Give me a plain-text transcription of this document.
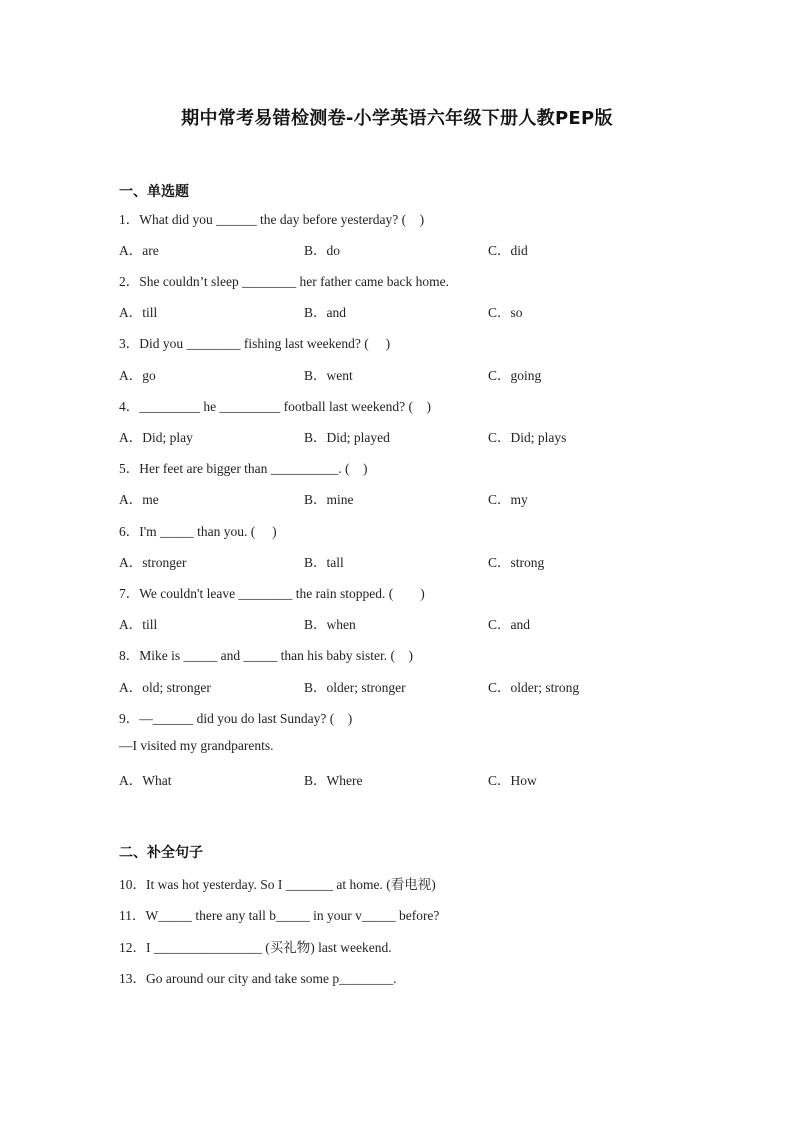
期中常考易错检测卷-小学英语六年级下册人教PEP版
一、单选题
1．What did you ______ the day before yesterday? (　)
A．are	B．do	C．did
2．She couldn’t sleep ________ her father came back home.
A．till	B．and	C．so
3．Did you ________ fishing last weekend? (　 )
A．go	B．went	C．going
4．_________ he _________ football last weekend? (　)
A．Did; play	B．Did; played	C．Did; plays
5．Her feet are bigger than __________. (　)
A．me	B．mine	C．my
6．I'm _____ than you. (　 )
A．stronger	B．tall	C．strong
7．We couldn't leave ________ the rain stopped. (　　)
A．till	B．when	C．and
8．Mike is _____ and _____ than his baby sister. (　)
A．old; stronger	B．older; stronger	C．older; strong
9．—______ did you do last Sunday? (　)
—I visited my grandparents.
A．What	B．Where	C．How
二、补全句子
10．It was hot yesterday. So I _______ at home. (看电视)
11．W_____ there any tall b_____ in your v_____ before?
12．I ________________ (买礼物) last weekend.
13．Go around our city and take some p________.
